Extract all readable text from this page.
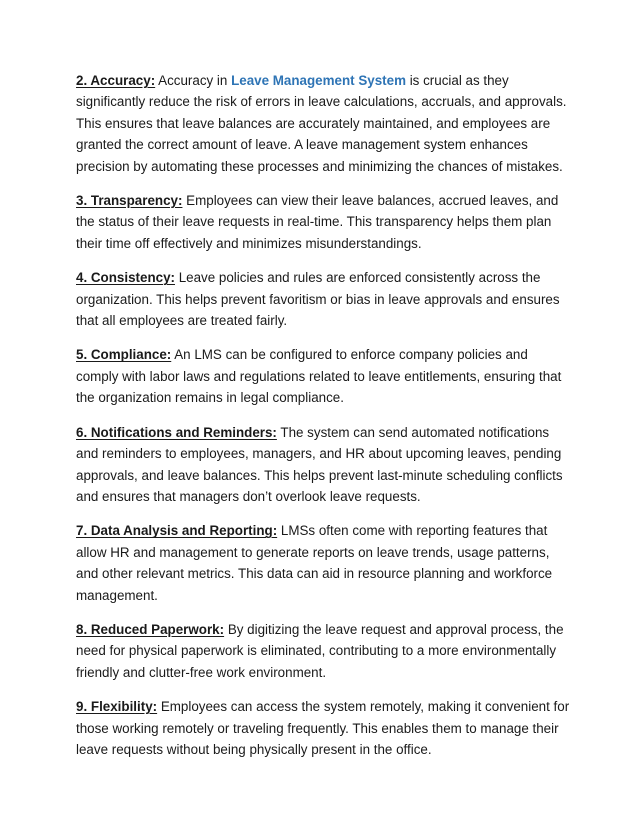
2. Accuracy: Accuracy in Leave Management System is crucial as they significantly reduce the risk of errors in leave calculations, accruals, and approvals. This ensures that leave balances are accurately maintained, and employees are granted the correct amount of leave. A leave management system enhances precision by automating these processes and minimizing the chances of mistakes.

3. Transparency: Employees can view their leave balances, accrued leaves, and the status of their leave requests in real-time. This transparency helps them plan their time off effectively and minimizes misunderstandings.

4. Consistency: Leave policies and rules are enforced consistently across the organization. This helps prevent favoritism or bias in leave approvals and ensures that all employees are treated fairly.

5. Compliance: An LMS can be configured to enforce company policies and comply with labor laws and regulations related to leave entitlements, ensuring that the organization remains in legal compliance.

6. Notifications and Reminders: The system can send automated notifications and reminders to employees, managers, and HR about upcoming leaves, pending approvals, and leave balances. This helps prevent last-minute scheduling conflicts and ensures that managers don’t overlook leave requests.

7. Data Analysis and Reporting: LMSs often come with reporting features that allow HR and management to generate reports on leave trends, usage patterns, and other relevant metrics. This data can aid in resource planning and workforce management.

8. Reduced Paperwork: By digitizing the leave request and approval process, the need for physical paperwork is eliminated, contributing to a more environmentally friendly and clutter-free work environment.

9. Flexibility: Employees can access the system remotely, making it convenient for those working remotely or traveling frequently. This enables them to manage their leave requests without being physically present in the office.
